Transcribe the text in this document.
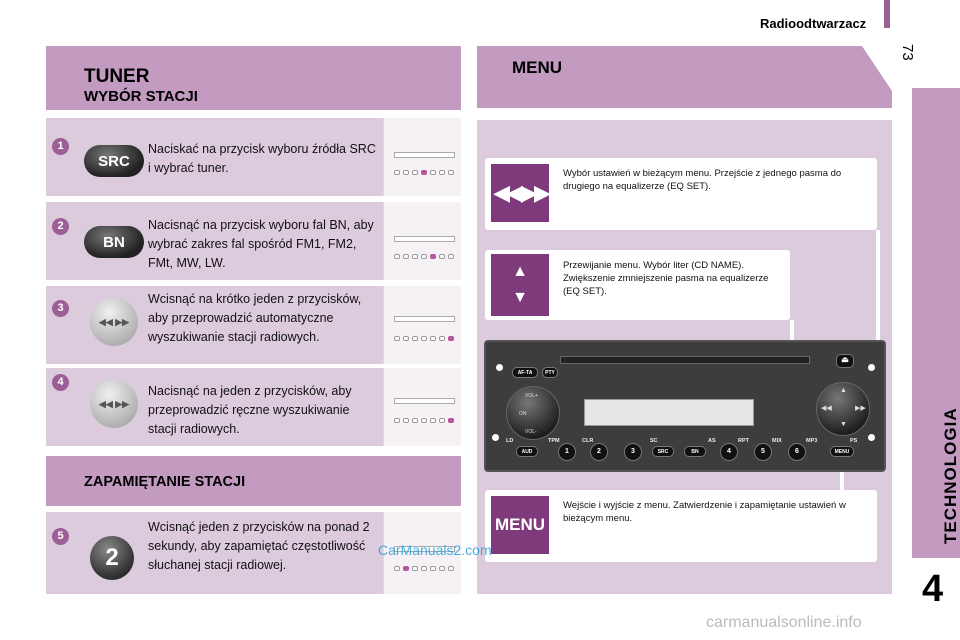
Radioodtwarzacz
73
TECHNOLOGIA
4
TUNER
WYBÓR STACJI
1
SRC
Naciskać na przycisk wyboru źródła SRC i wybrać tuner.
2
BN
Nacisnąć na przycisk wyboru fal BN, aby wybrać zakres fal spośród FM1, FM2, FMt, MW, LW.
3
◀◀ ▶▶
Wcisnąć na krótko jeden z przycisków, aby przeprowadzić automatyczne wyszukiwanie stacji radiowych.
4
◀◀ ▶▶
Nacisnąć na jeden z przycisków, aby przeprowadzić ręczne wyszukiwanie stacji radiowych.
ZAPAMIĘTANIE STACJI
5
2
Wcisnąć jeden z przycisków na ponad 2 sekundy, aby zapamiętać częstotliwość słuchanej stacji radiowej.
MENU
◀◀ ▶▶
Wybór ustawień w bieżącym menu. Przejście z jednego pasma do drugiego na equalizerze (EQ SET).
▲
▼
Przewijanie menu. Wybór liter (CD NAME). Zwiększenie zmniejszenie pasma na equalizerze (EQ SET).
MENU
Wejście i wyjście z menu. Zatwierdzenie i zapamiętanie ustawień w bieżącym menu.
AF-TA	PTY
VOL+
ON
VOL-
▲
◀◀	▶▶
▼
⏏
LD	TPM	CLR	SC	AS	RPT	MIX	MP3	PS
AUD	1	2	3	SRC	BN	4	5	6	MENU
CarManuals2.com
carmanualsonline.info
